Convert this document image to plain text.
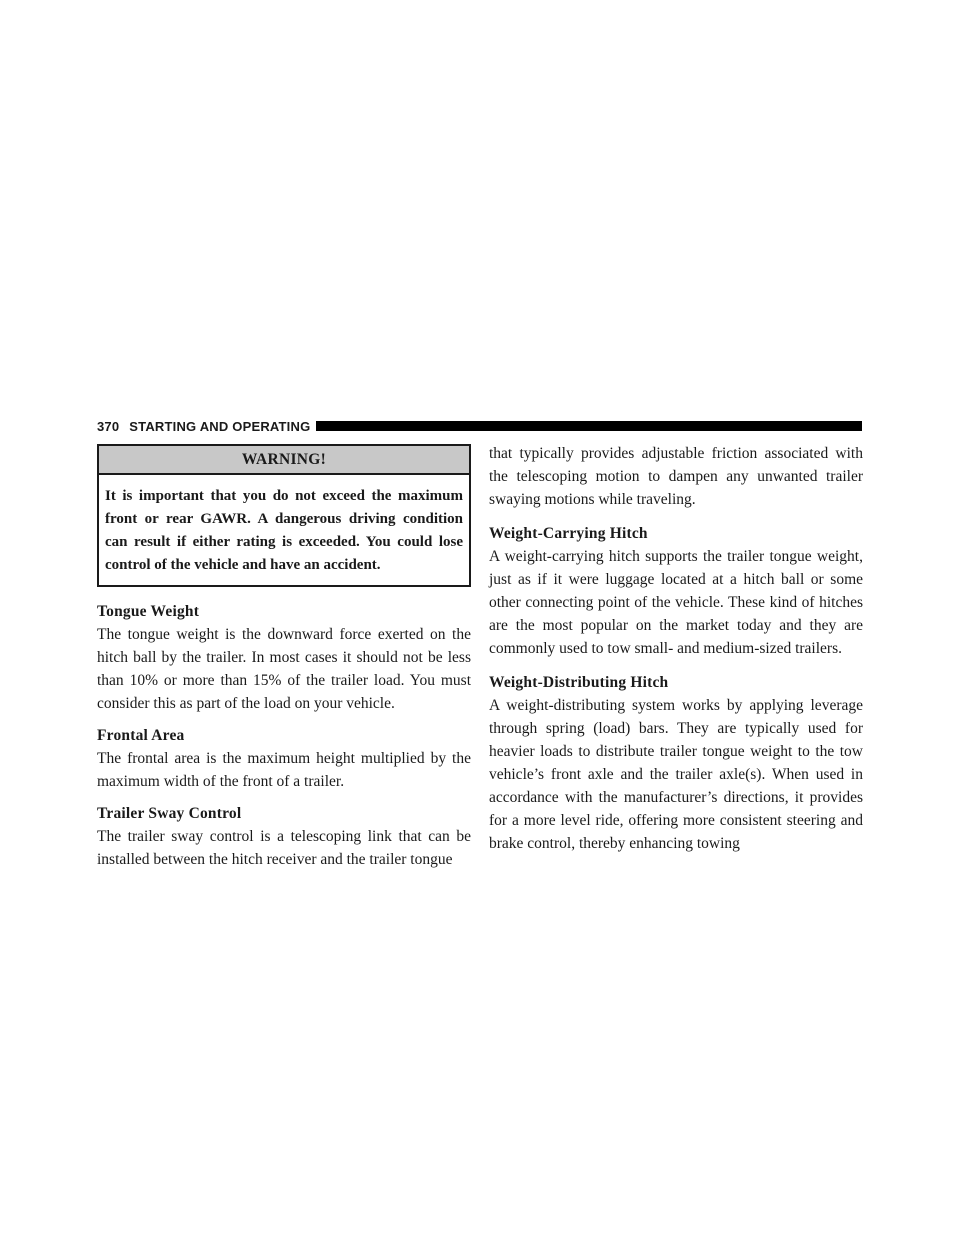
370 STARTING AND OPERATING
WARNING!
It is important that you do not exceed the maximum front or rear GAWR. A dangerous driving condition can result if either rating is exceeded. You could lose control of the vehicle and have an accident.
Tongue Weight

The tongue weight is the downward force exerted on the hitch ball by the trailer. In most cases it should not be less than 10% or more than 15% of the trailer load. You must consider this as part of the load on your vehicle.

Frontal Area

The frontal area is the maximum height multiplied by the maximum width of the front of a trailer.

Trailer Sway Control

The trailer sway control is a telescoping link that can be installed between the hitch receiver and the trailer tongue

that typically provides adjustable friction associated with the telescoping motion to dampen any unwanted trailer swaying motions while traveling.

Weight-Carrying Hitch

A weight-carrying hitch supports the trailer tongue weight, just as if it were luggage located at a hitch ball or some other connecting point of the vehicle. These kind of hitches are the most popular on the market today and they are commonly used to tow small- and medium-sized trailers.

Weight-Distributing Hitch

A weight-distributing system works by applying leverage through spring (load) bars. They are typically used for heavier loads to distribute trailer tongue weight to the tow vehicle’s front axle and the trailer axle(s). When used in accordance with the manufacturer’s directions, it provides for a more level ride, offering more consistent steering and brake control, thereby enhancing towing
